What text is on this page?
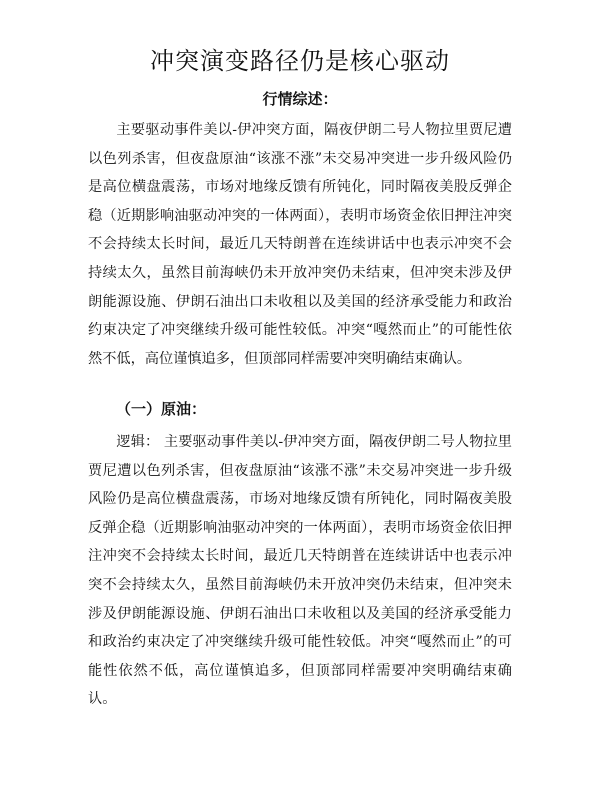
冲突演变路径仍是核心驱动
行情综述：

主要驱动事件美以-伊冲突方面，隔夜伊朗二号人物拉里贾尼遭以色列杀害，但夜盘原油“该涨不涨”未交易冲突进一步升级风险仍是高位横盘震荡，市场对地缘反馈有所钝化，同时隔夜美股反弹企稳（近期影响油驱动冲突的一体两面），表明市场资金依旧押注冲突不会持续太长时间，最近几天特朗普在连续讲话中也表示冲突不会持续太久，虽然目前海峡仍未开放冲突仍未结束，但冲突未涉及伊朗能源设施、伊朗石油出口未收租以及美国的经济承受能力和政治约束决定了冲突继续升级可能性较低。冲突“嘎然而止”的可能性依然不低，高位谨慎追多，但顶部同样需要冲突明确结束确认。

（一）原油：

逻辑： 主要驱动事件美以-伊冲突方面，隔夜伊朗二号人物拉里贾尼遭以色列杀害，但夜盘原油“该涨不涨”未交易冲突进一步升级风险仍是高位横盘震荡，市场对地缘反馈有所钝化，同时隔夜美股反弹企稳（近期影响油驱动冲突的一体两面），表明市场资金依旧押注冲突不会持续太长时间，最近几天特朗普在连续讲话中也表示冲突不会持续太久，虽然目前海峡仍未开放冲突仍未结束，但冲突未涉及伊朗能源设施、伊朗石油出口未收租以及美国的经济承受能力和政治约束决定了冲突继续升级可能性较低。冲突“嘎然而止”的可能性依然不低，高位谨慎追多，但顶部同样需要冲突明确结束确认。
